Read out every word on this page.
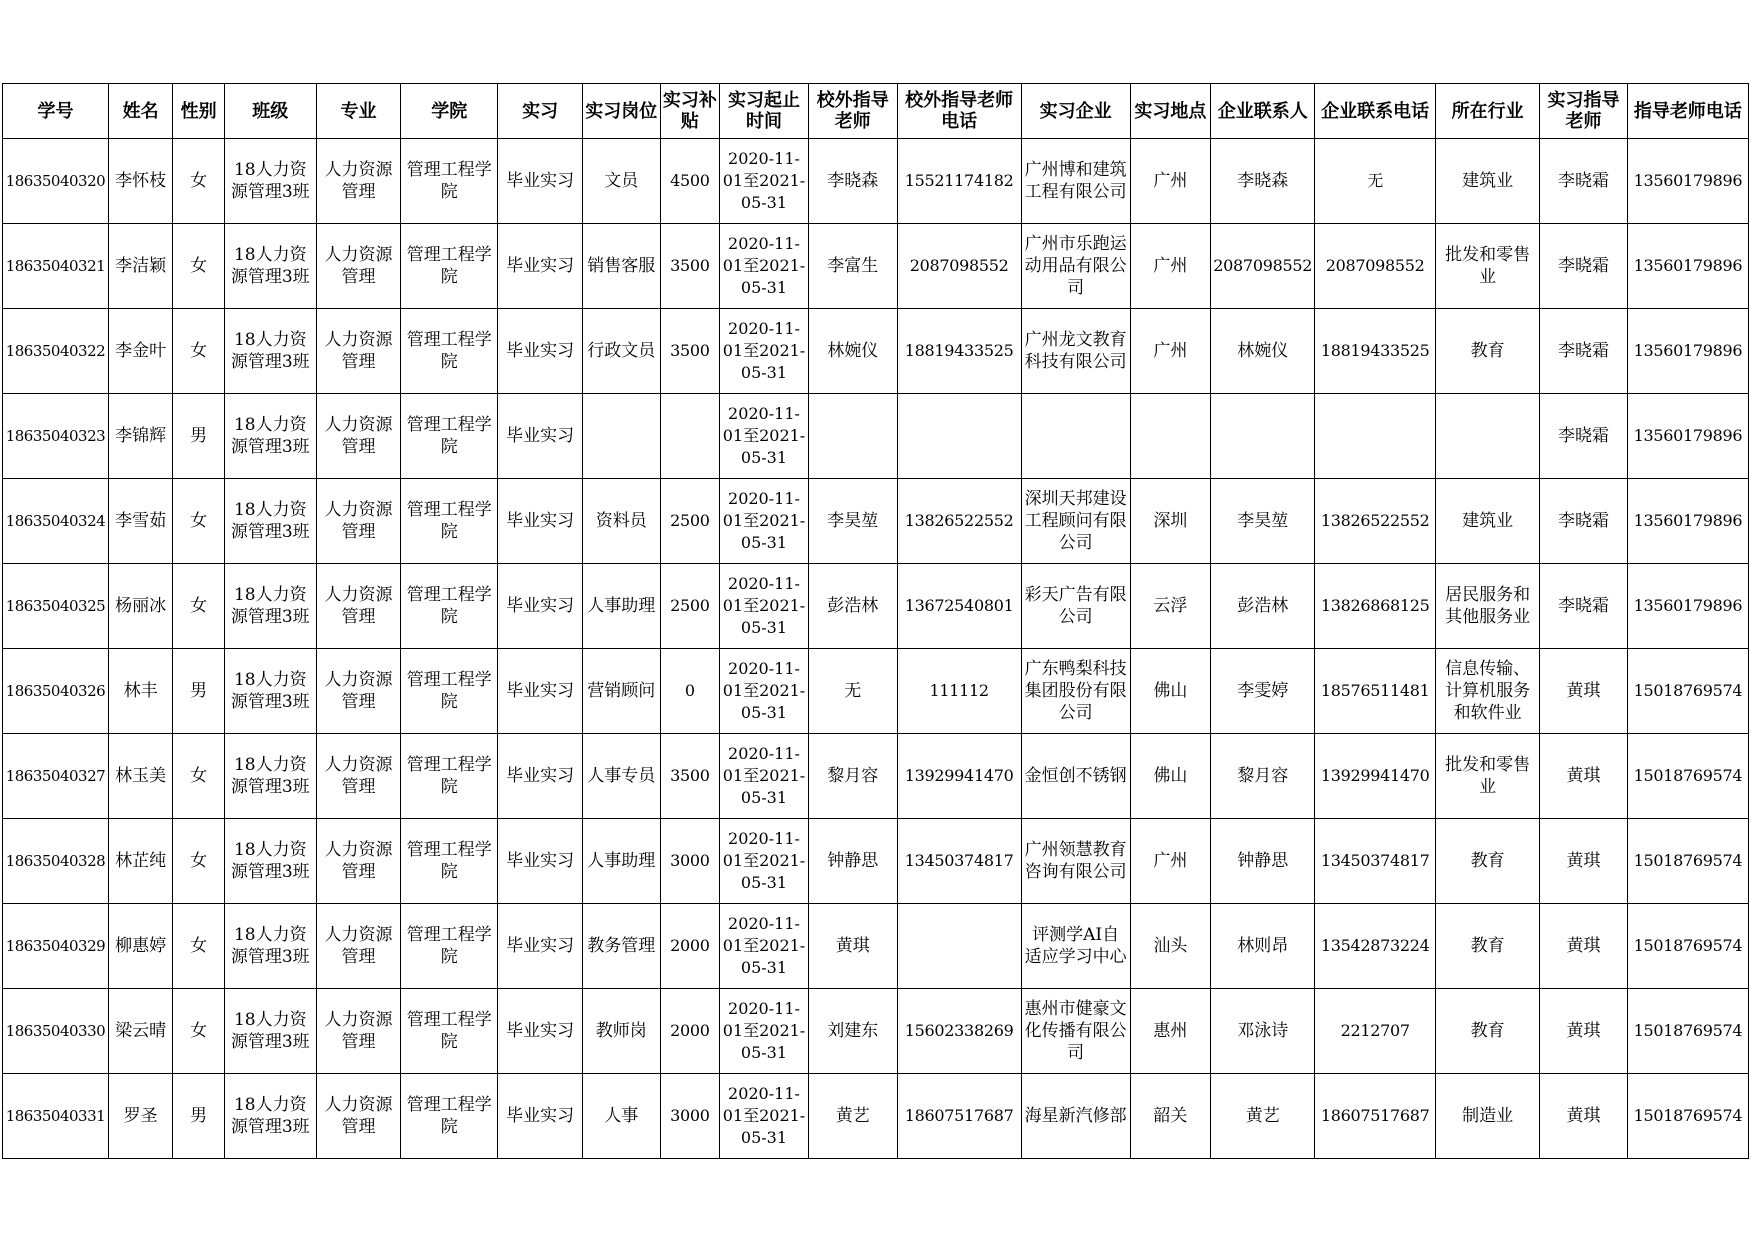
学号	姓名	性别	班级	专业	学院	实习	实习岗位	实习补贴	实习起止时间	校外指导老师	校外指导老师电话	实习企业	实习地点	企业联系人	企业联系电话	所在行业	实习指导老师	指导老师电话
18635040320	李怀枝	女	18人力资源管理3班	人力资源管理	管理工程学院	毕业实习	文员	4500	2020-11-01至2021-05-31	李晓森	15521174182	广州博和建筑工程有限公司	广州	李晓森	无	建筑业	李晓霜	13560179896
18635040321	李洁颖	女	18人力资源管理3班	人力资源管理	管理工程学院	毕业实习	销售客服	3500	2020-11-01至2021-05-31	李富生	2087098552	广州市乐跑运动用品有限公司	广州	2087098552	2087098552	批发和零售业	李晓霜	13560179896
18635040322	李金叶	女	18人力资源管理3班	人力资源管理	管理工程学院	毕业实习	行政文员	3500	2020-11-01至2021-05-31	林婉仪	18819433525	广州龙文教育科技有限公司	广州	林婉仪	18819433525	教育	李晓霜	13560179896
18635040323	李锦辉	男	18人力资源管理3班	人力资源管理	管理工程学院	毕业实习			2020-11-01至2021-05-31								李晓霜	13560179896
18635040324	李雪茹	女	18人力资源管理3班	人力资源管理	管理工程学院	毕业实习	资料员	2500	2020-11-01至2021-05-31	李昊堃	13826522552	深圳天邦建设工程顾问有限公司	深圳	李昊堃	13826522552	建筑业	李晓霜	13560179896
18635040325	杨丽冰	女	18人力资源管理3班	人力资源管理	管理工程学院	毕业实习	人事助理	2500	2020-11-01至2021-05-31	彭浩林	13672540801	彩天广告有限公司	云浮	彭浩林	13826868125	居民服务和其他服务业	李晓霜	13560179896
18635040326	林丰	男	18人力资源管理3班	人力资源管理	管理工程学院	毕业实习	营销顾问	0	2020-11-01至2021-05-31	无	111112	广东鸭梨科技集团股份有限公司	佛山	李雯婷	18576511481	信息传输、计算机服务和软件业	黄琪	15018769574
18635040327	林玉美	女	18人力资源管理3班	人力资源管理	管理工程学院	毕业实习	人事专员	3500	2020-11-01至2021-05-31	黎月容	13929941470	金恒创不锈钢	佛山	黎月容	13929941470	批发和零售业	黄琪	15018769574
18635040328	林芷纯	女	18人力资源管理3班	人力资源管理	管理工程学院	毕业实习	人事助理	3000	2020-11-01至2021-05-31	钟静思	13450374817	广州领慧教育咨询有限公司	广州	钟静思	13450374817	教育	黄琪	15018769574
18635040329	柳惠婷	女	18人力资源管理3班	人力资源管理	管理工程学院	毕业实习	教务管理	2000	2020-11-01至2021-05-31	黄琪		评测学AI自适应学习中心	汕头	林则昂	13542873224	教育	黄琪	15018769574
18635040330	梁云晴	女	18人力资源管理3班	人力资源管理	管理工程学院	毕业实习	教师岗	2000	2020-11-01至2021-05-31	刘建东	15602338269	惠州市健豪文化传播有限公司	惠州	邓泳诗	2212707	教育	黄琪	15018769574
18635040331	罗圣	男	18人力资源管理3班	人力资源管理	管理工程学院	毕业实习	人事	3000	2020-11-01至2021-05-31	黄艺	18607517687	海星新汽修部	韶关	黄艺	18607517687	制造业	黄琪	15018769574
